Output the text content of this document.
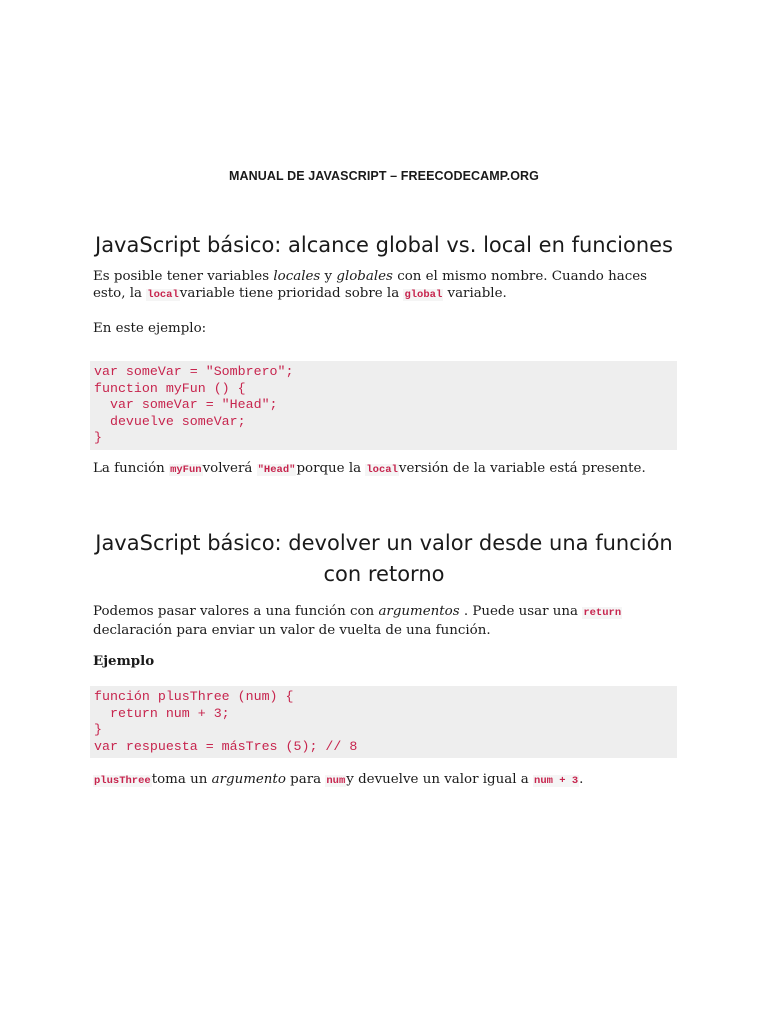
MANUAL DE JAVASCRIPT – FREECODECAMP.ORG
JavaScript básico: alcance global vs. local en funciones

Es posible tener variables locales y globales con el mismo nombre. Cuando haces esto, la localvariable tiene prioridad sobre la global variable.

En este ejemplo:

var someVar = "Sombrero";
function myFun () {
var someVar = "Head";
devuelve someVar;
}

La función myFunvolverá "Head"porque la localversión de la variable está presente.

JavaScript básico: devolver un valor desde una función
con retorno

Podemos pasar valores a una función con argumentos . Puede usar una return declaración para enviar un valor de vuelta de una función.

Ejemplo
función plusThree (num) {
return num + 3;
}
var respuesta = másTres (5); // 8

plusThreetoma un argumento para numy devuelve un valor igual a num + 3.
